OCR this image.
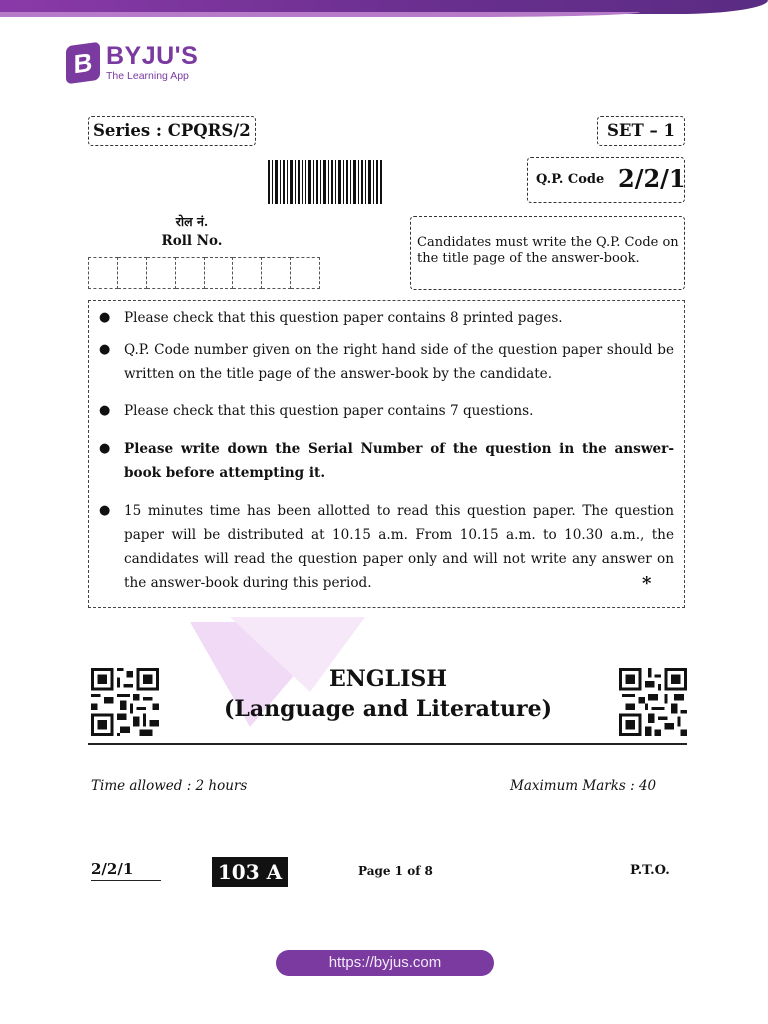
B BYJU'S
The Learning App
Series : CPQRS/2	SET – 1
Q.P. Code 2/2/1
रोल नं.
Roll No.	Candidates must write the Q.P. Code on the title page of the answer-book.
● Please check that this question paper contains 8 printed pages.
● Q.P. Code number given on the right hand side of the question paper should be written on the title page of the answer-book by the candidate.
● Please check that this question paper contains 7 questions.
● Please write down the Serial Number of the question in the answer-book before attempting it.
● 15 minutes time has been allotted to read this question paper. The question paper will be distributed at 10.15 a.m. From 10.15 a.m. to 10.30 a.m., the candidates will read the question paper only and will not write any answer on the answer-book during this period.	*
ENGLISH
(Language and Literature)
Time allowed : 2 hours	Maximum Marks : 40
2/2/1	103 A	Page 1 of 8	P.T.O.
https://byjus.com
